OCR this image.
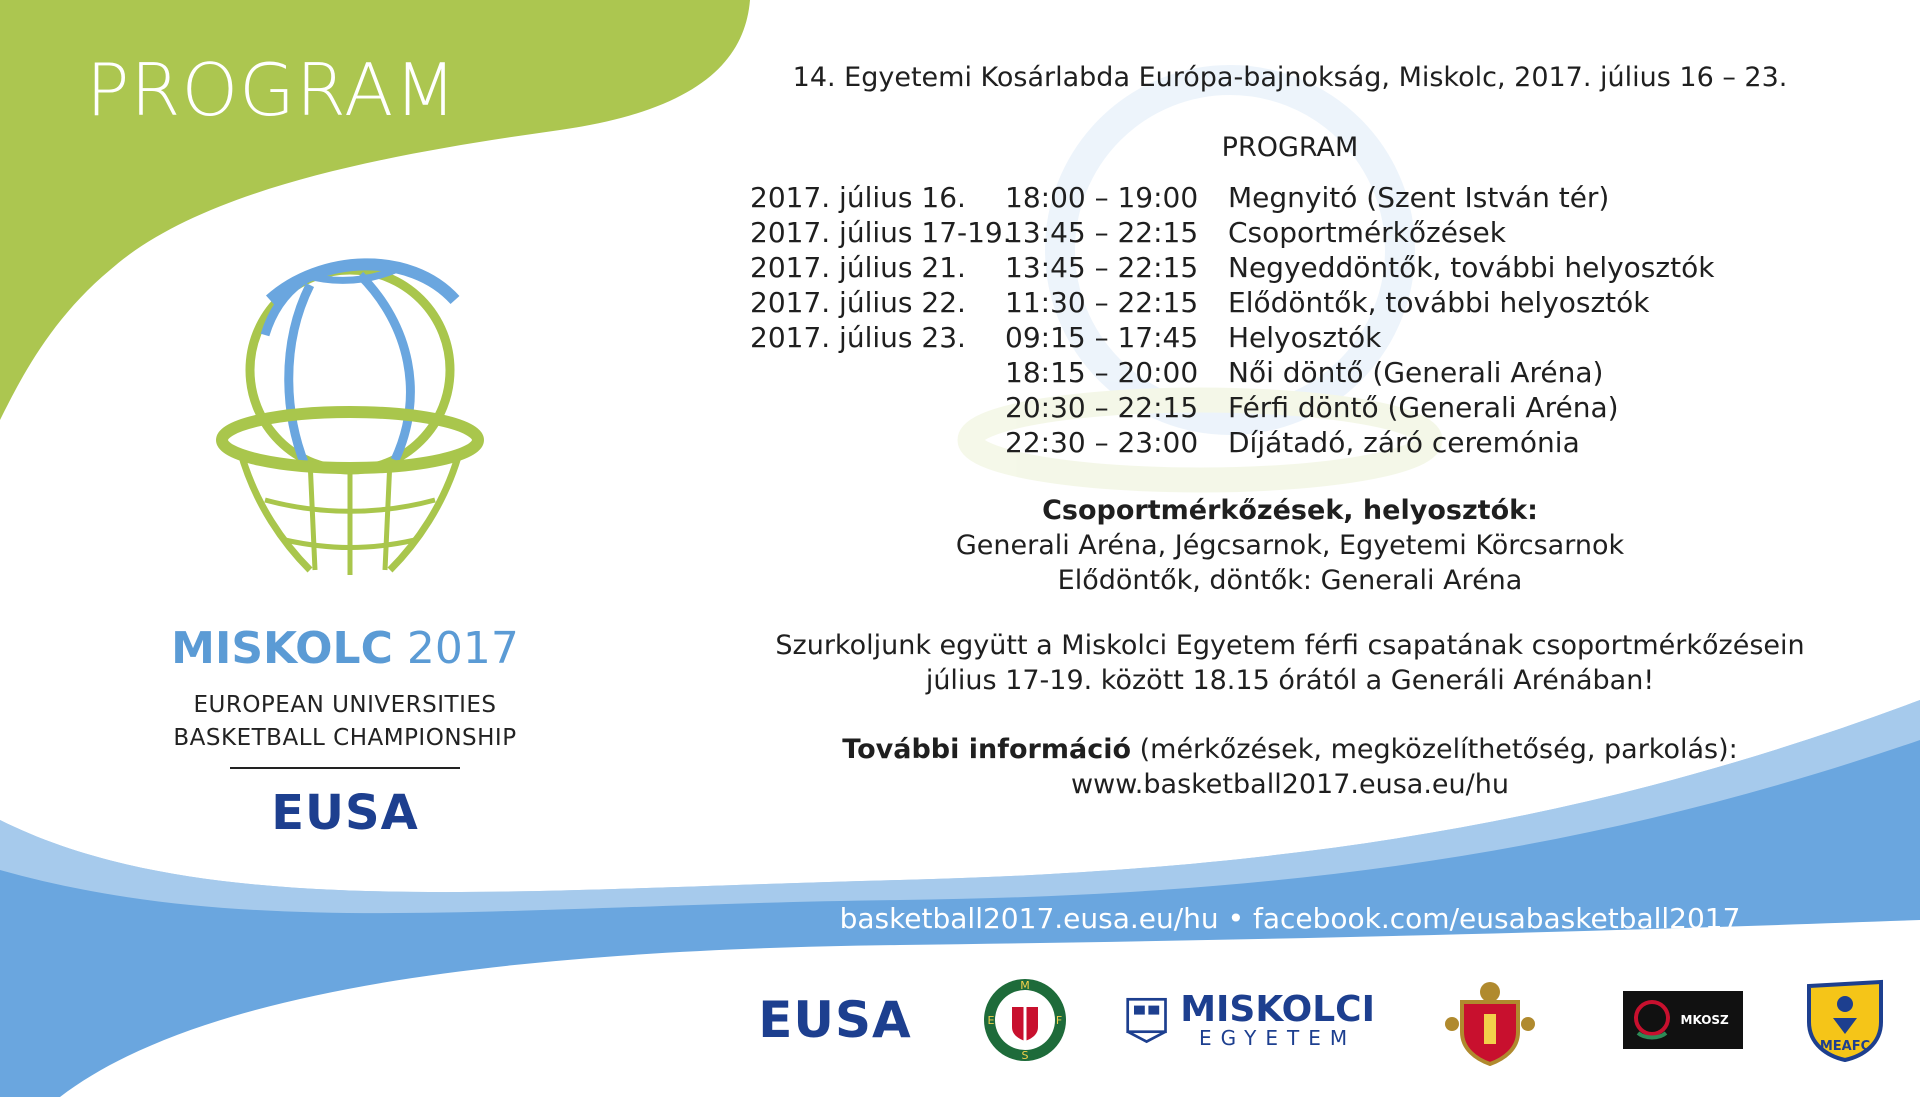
PROGRAM
MISKOLC 2017
EUROPEAN UNIVERSITIES
BASKETBALL CHAMPIONSHIP
EUSA
14. Egyetemi Kosárlabda Európa-bajnokság, Miskolc, 2017. július 16 – 23.
PROGRAM
2017. július 16. 18:00 – 19:00 Megnyitó (Szent István tér)
2017. július 17-19.
13:45 – 22:15 Csoportmérkőzések
2017. július 21. 13:45 – 22:15 Negyeddöntők, további helyosztók
2017. július 22. 11:30 – 22:15 Elődöntők, további helyosztók
2017. július 23. 09:15 – 17:45 Helyosztók
18:15 – 20:00 Női döntő (Generali Aréna)
20:30 – 22:15 Férfi döntő (Generali Aréna)
22:30 – 23:00 Díjátadó, záró ceremónia
Csoportmérkőzések, helyosztók:
Generali Aréna, Jégcsarnok, Egyetemi Körcsarnok
Elődöntők, döntők: Generali Aréna
Szurkoljunk együtt a Miskolci Egyetem férfi csapatának csoportmérkőzésein
július 17-19. között 18.15 órától a Generáli Arénában!
További információ (mérkőzések, megközelíthetőség, parkolás):
www.basketball2017.eusa.eu/hu
basketball2017.eusa.eu/hu • facebook.com/eusabasketball2017
EUSA
M
E	F
S
MISKOLCI
EGYETEM
MKOSZ
MEAFC
